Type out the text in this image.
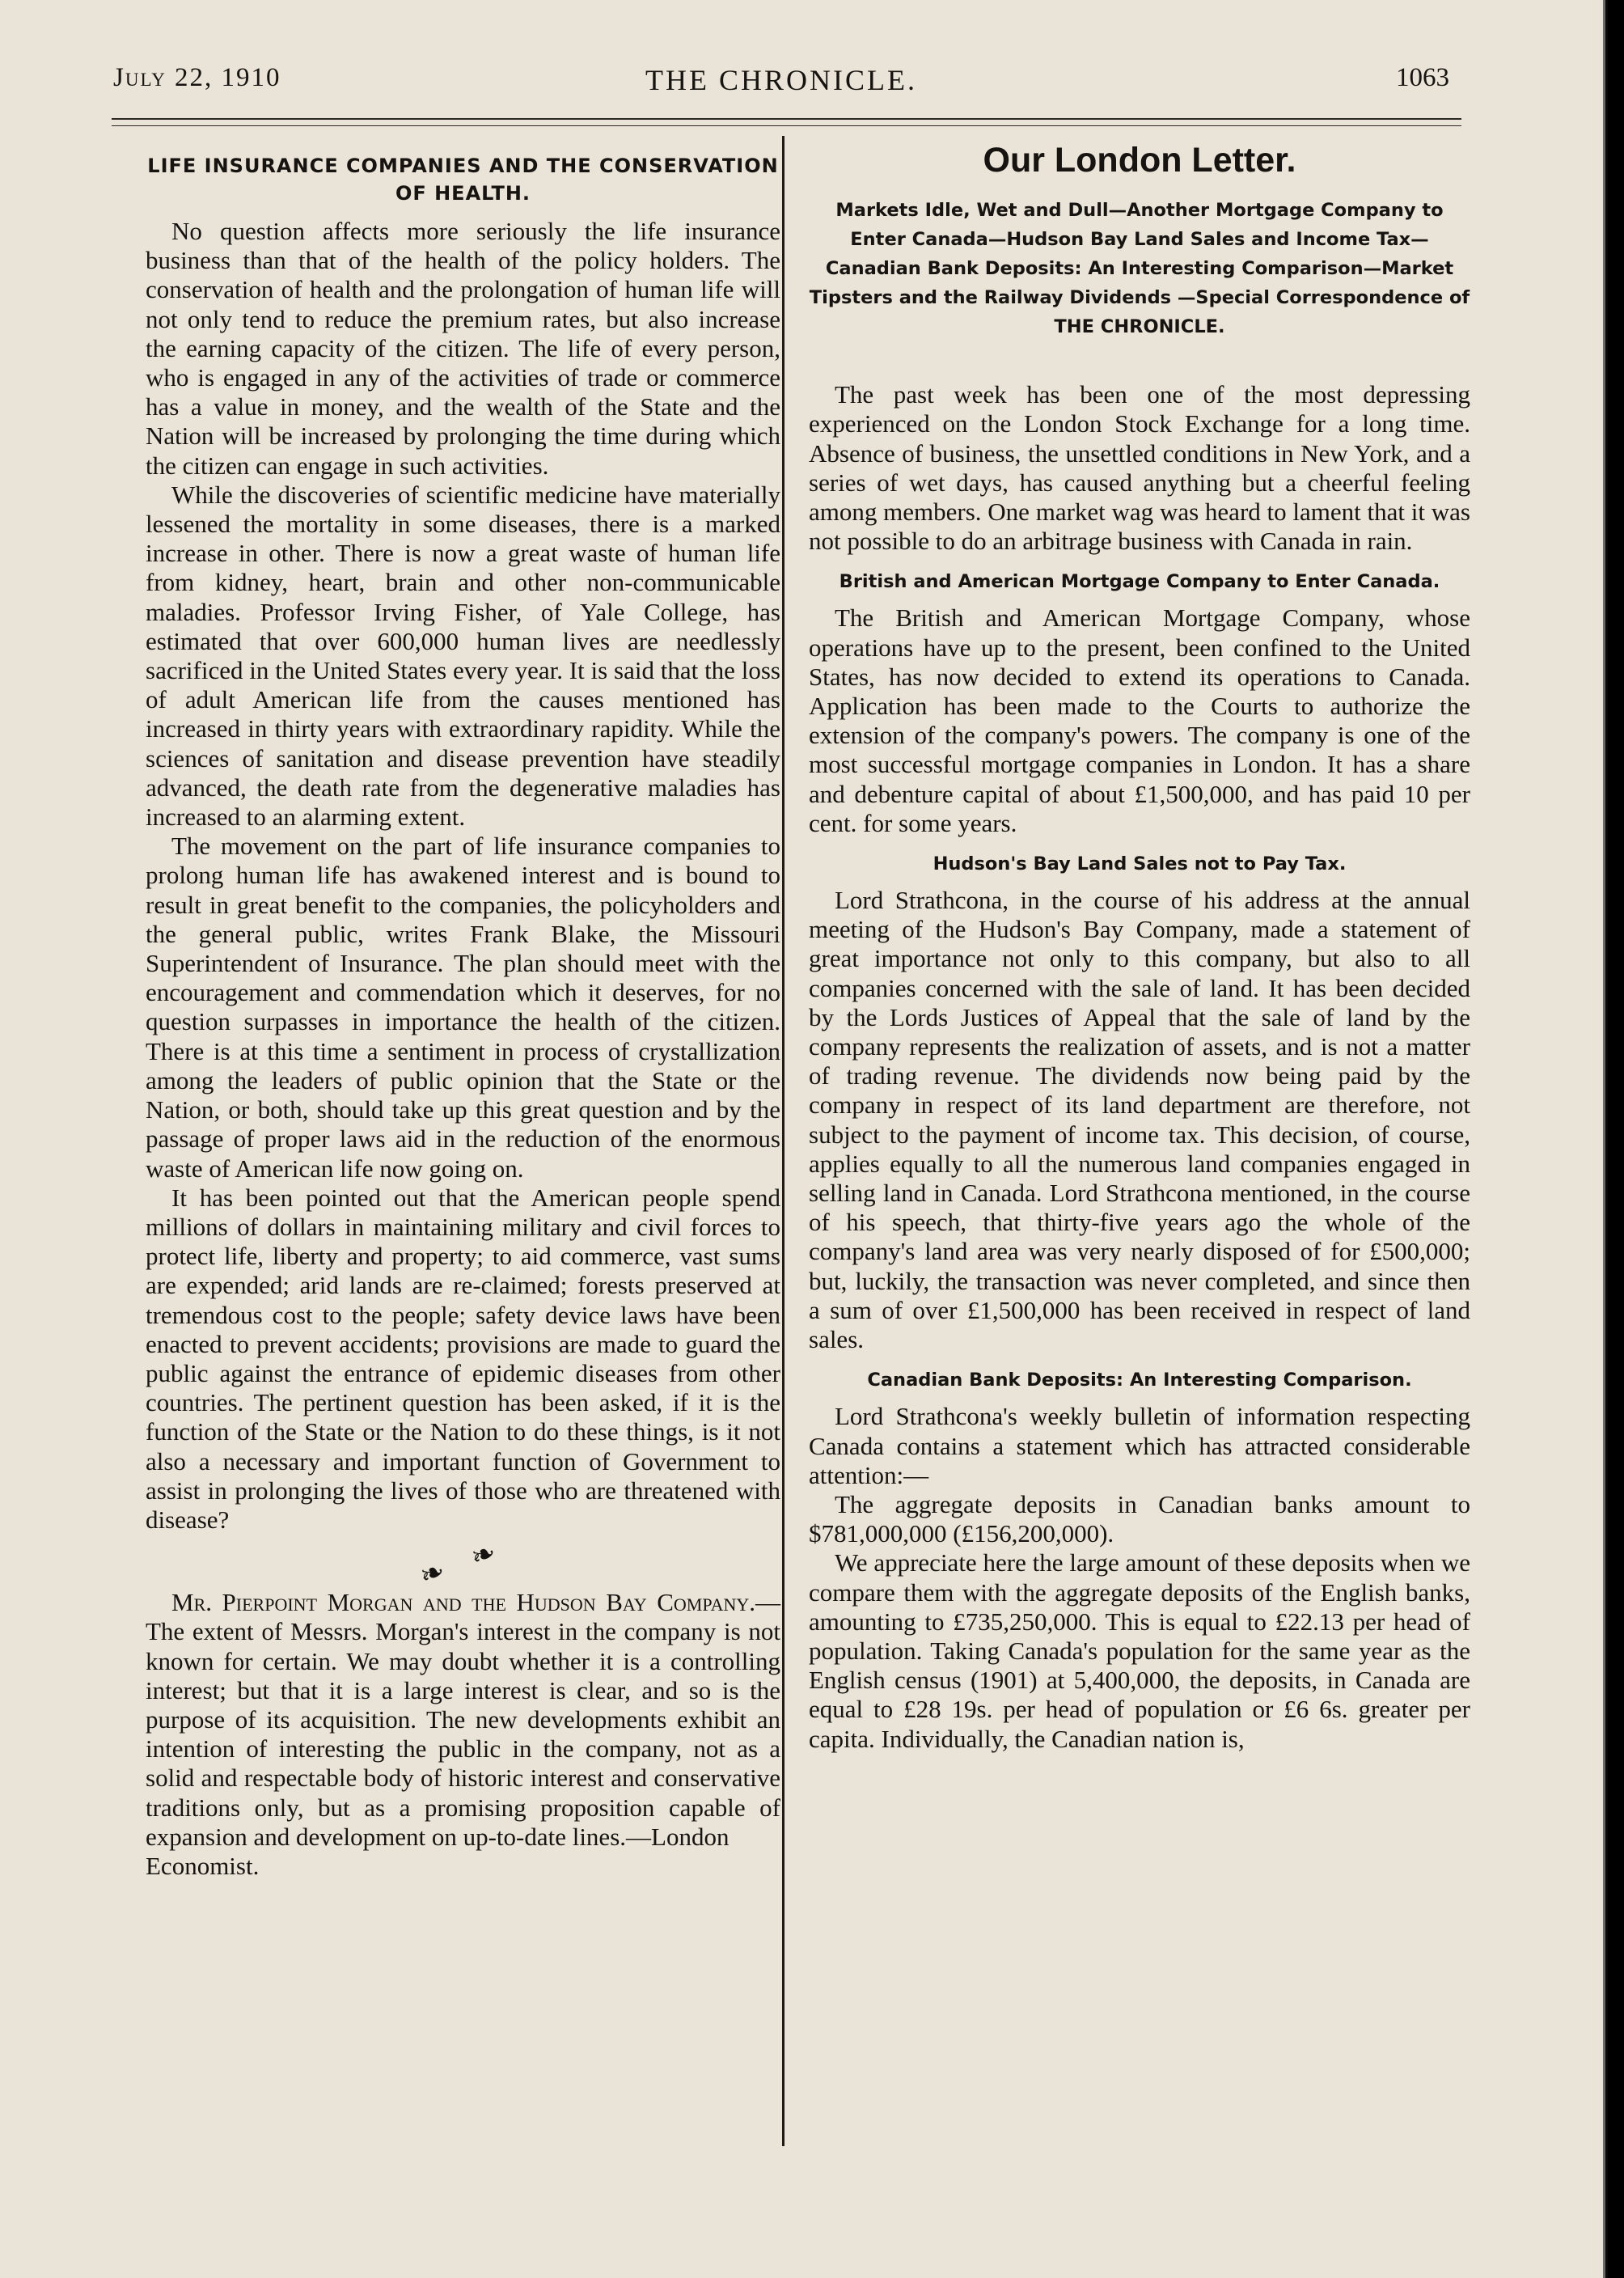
July 22, 1910	THE CHRONICLE.	1063
LIFE INSURANCE COMPANIES AND THE CONSERVATION OF HEALTH.

No question affects more seriously the life insurance business than that of the health of the policy holders. The conservation of health and the prolongation of human life will not only tend to reduce the premium rates, but also increase the earning capacity of the citizen. The life of every person, who is engaged in any of the activities of trade or commerce has a value in money, and the wealth of the State and the Nation will be increased by prolonging the time during which the citizen can engage in such activities.

While the discoveries of scientific medicine have materially lessened the mortality in some diseases, there is a marked increase in other. There is now a great waste of human life from kidney, heart, brain and other non-communicable maladies. Professor Irving Fisher, of Yale College, has estimated that over 600,000 human lives are needlessly sacrificed in the United States every year. It is said that the loss of adult American life from the causes mentioned has increased in thirty years with extraordinary rapidity. While the sciences of sanitation and disease prevention have steadily advanced, the death rate from the degenerative maladies has increased to an alarming extent.

The movement on the part of life insurance companies to prolong human life has awakened interest and is bound to result in great benefit to the companies, the policyholders and the general public, writes Frank Blake, the Missouri Superintendent of Insurance. The plan should meet with the encouragement and commendation which it deserves, for no question surpasses in importance the health of the citizen. There is at this time a sentiment in process of crystallization among the leaders of public opinion that the State or the Nation, or both, should take up this great question and by the passage of proper laws aid in the reduction of the enormous waste of American life now going on.

It has been pointed out that the American people spend millions of dollars in maintaining military and civil forces to protect life, liberty and property; to aid commerce, vast sums are expended; arid lands are re-claimed; forests preserved at tremendous cost to the people; safety device laws have been enacted to prevent accidents; provisions are made to guard the public against the entrance of epidemic diseases from other countries. The pertinent question has been asked, if it is the function of the State or the Nation to do these things, is it not also a necessary and important function of Government to assist in prolonging the lives of those who are threatened with disease?

❧ ❧

Mr. Pierpoint Morgan and the Hudson Bay Company.—The extent of Messrs. Morgan's interest in the company is not known for certain. We may doubt whether it is a controlling interest; but that it is a large interest is clear, and so is the purpose of its acquisition. The new developments exhibit an intention of interesting the public in the company, not as a solid and respectable body of historic interest and conservative traditions only, but as a promising proposition capable of expansion and development on up-to-date lines.—London

Economist.
Our London Letter.
Markets Idle, Wet and Dull—Another Mortgage Company to Enter Canada—Hudson Bay Land Sales and Income Tax—Canadian Bank Deposits: An Interesting Comparison—Market Tipsters and the Railway Dividends —Special Correspondence of
THE CHRONICLE.

The past week has been one of the most depressing experienced on the London Stock Exchange for a long time. Absence of business, the unsettled conditions in New York, and a series of wet days, has caused anything but a cheerful feeling among members. One market wag was heard to lament that it was not possible to do an arbitrage business with Canada in rain.

British and American Mortgage Company to Enter Canada.

The British and American Mortgage Company, whose operations have up to the present, been confined to the United States, has now decided to extend its operations to Canada. Application has been made to the Courts to authorize the extension of the company's powers. The company is one of the most successful mortgage companies in London. It has a share and debenture capital of about £1,500,000, and has paid 10 per cent. for some years.

Hudson's Bay Land Sales not to Pay Tax.

Lord Strathcona, in the course of his address at the annual meeting of the Hudson's Bay Company, made a statement of great importance not only to this company, but also to all companies concerned with the sale of land. It has been decided by the Lords Justices of Appeal that the sale of land by the company represents the realization of assets, and is not a matter of trading revenue. The dividends now being paid by the company in respect of its land department are therefore, not subject to the payment of income tax. This decision, of course, applies equally to all the numerous land companies engaged in selling land in Canada. Lord Strathcona mentioned, in the course of his speech, that thirty-five years ago the whole of the company's land area was very nearly disposed of for £500,000; but, luckily, the transaction was never completed, and since then a sum of over £1,500,000 has been received in respect of land sales.

Canadian Bank Deposits: An Interesting Comparison.

Lord Strathcona's weekly bulletin of information respecting Canada contains a statement which has attracted considerable attention:—

The aggregate deposits in Canadian banks amount to $781,000,000 (£156,200,000).

We appreciate here the large amount of these deposits when we compare them with the aggregate deposits of the English banks, amounting to £735,250,000. This is equal to £22.13 per head of population. Taking Canada's population for the same year as the English census (1901) at 5,400,000, the deposits, in Canada are equal to £28 19s. per head of population or £6 6s. greater per capita. Individually, the Canadian nation is,
